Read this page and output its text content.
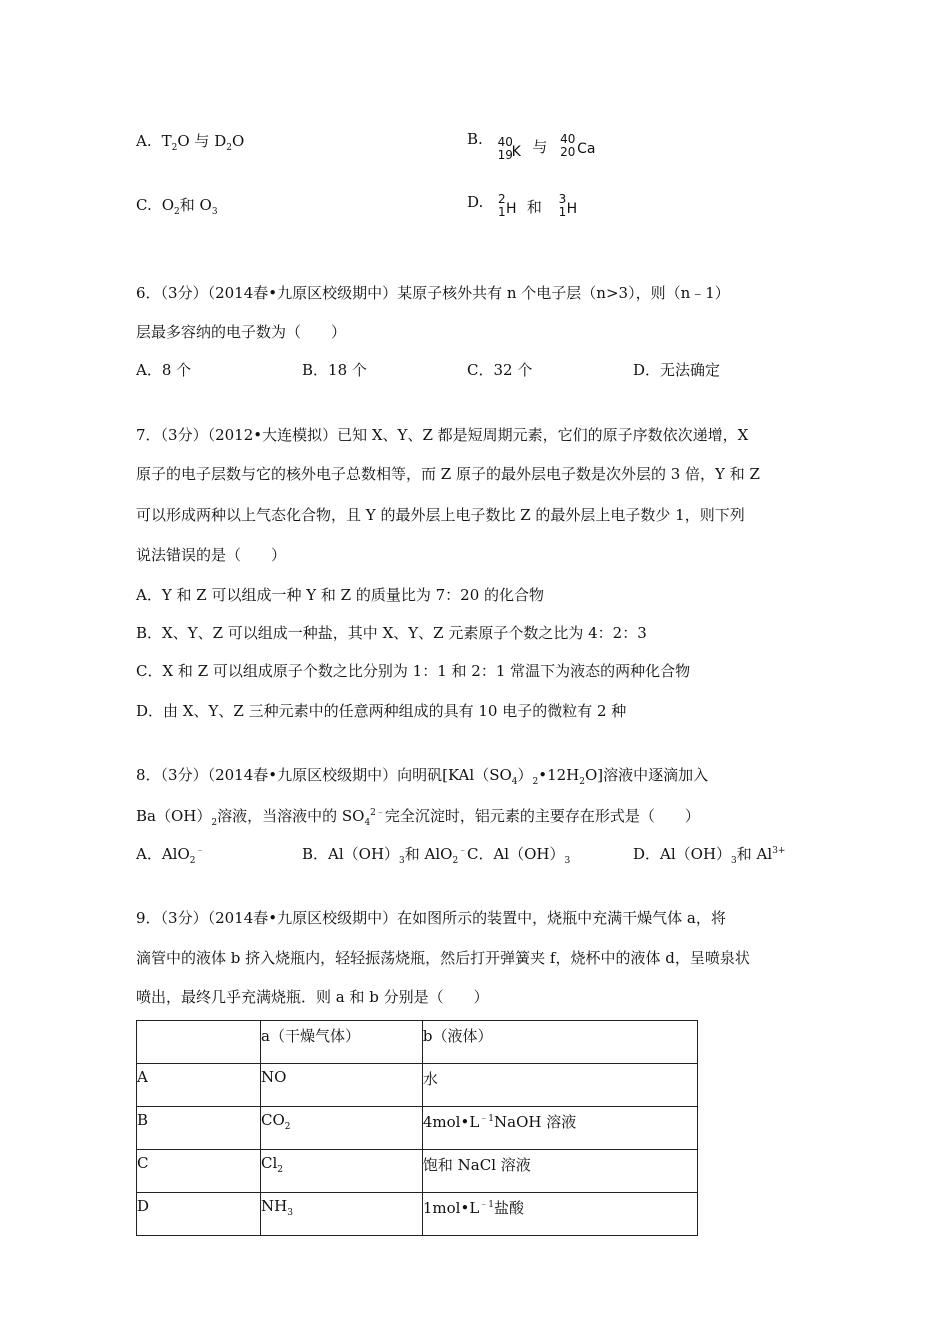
A. $T_2O$ 与 $D_2O$	B. 40
19
K 与 40
20 Ca
C. $O_2$和 $O_3$
D. 2
1 H 和 3
1 H
6．（3分）（2014春•九原区校级期中）某原子核外共有 n 个电子层（n>3），则（n﹣1）
层最多容纳的电子数为（　　）
A．8 个	B．18 个	C．32 个	D．无法确定
7．（3分）（2012•大连模拟）已知 X、Y、Z 都是短周期元素，它们的原子序数依次递增，X
原子的电子层数与它的核外电子总数相等，而 Z 原子的最外层电子数是次外层的 3 倍，Y 和 Z
可以形成两种以上气态化合物，且 Y 的最外层上电子数比 Z 的最外层上电子数少 1，则下列
说法错误的是（　　）
A．Y 和 Z 可以组成一种 Y 和 Z 的质量比为 7：20 的化合物
B．X、Y、Z 可以组成一种盐，其中 X、Y、Z 元素原子个数之比为 4：2：3
C．X 和 Z 可以组成原子个数之比分别为 1：1 和 2：1 常温下为液态的两种化合物
D．由 X、Y、Z 三种元素中的任意两种组成的具有 10 电子的微粒有 2 种
8．（3分）（2014春•九原区校级期中）向明矾$[KAl(SO_4)_2•12H_2O]$溶液中逐滴加入
$Ba(OH)_2$溶液，当溶液中的 $SO_4^{2﹣}$完全沉淀时，铝元素的主要存在形式是（　　）
A．AlO$_2$﹣	B．$Al(OH)_3$和 AlO$_2$﹣ C．$Al(OH)_3$	D．$Al(OH)_3$和 $Al^{3+}$
9．（3分）（2014春•九原区校级期中）在如图所示的装置中，烧瓶中充满干燥气体 a，将
滴管中的液体 b 挤入烧瓶内，轻轻振荡烧瓶，然后打开弹簧夹 f，烧杯中的液体 d，呈喷泉状
喷出，最终几乎充满烧瓶．则 a 和 b 分别是（　　）
	a（干燥气体）	b（液体）
A	NO	水
B	$CO_2$	$4mol•L^{﹣1}NaOH$ 溶液
C	$Cl_2$	饱和 NaCl 溶液
D	$NH_3$	$1mol•L^{﹣1}$盐酸
